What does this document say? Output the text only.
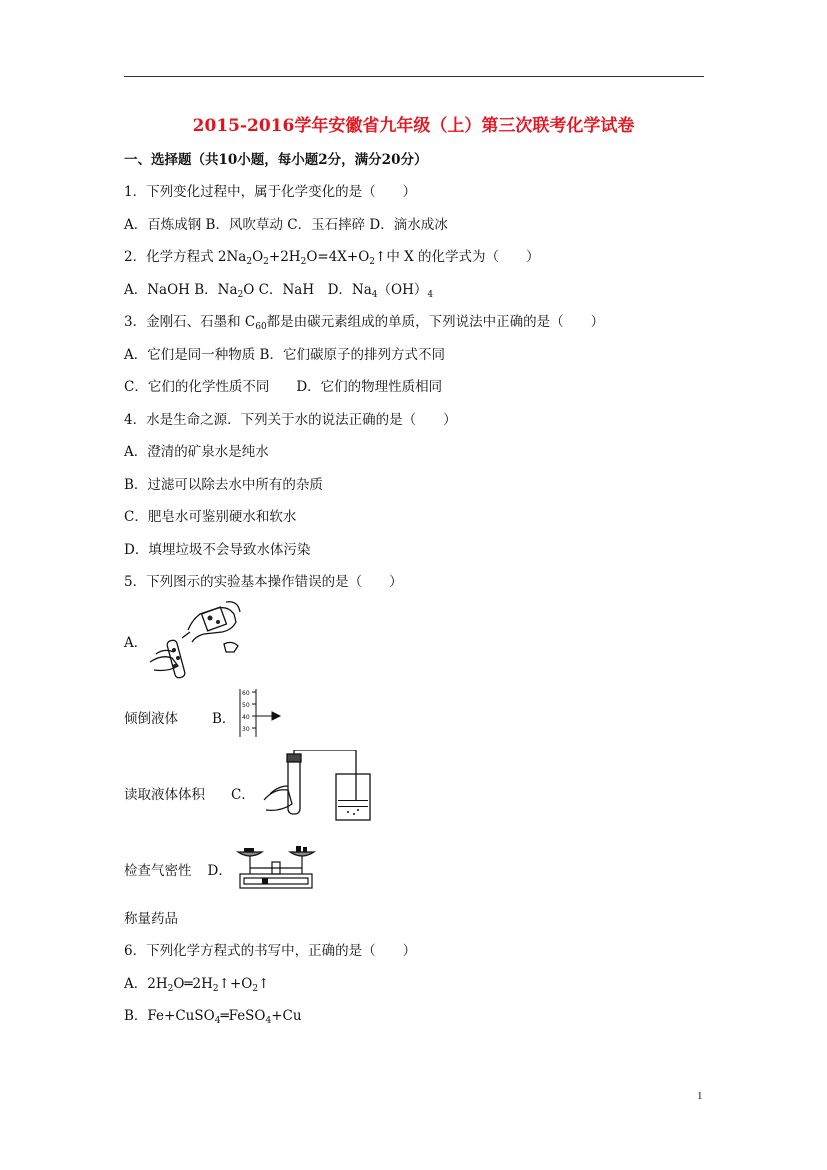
2015-2016学年安徽省九年级（上）第三次联考化学试卷
一、选择题（共10小题，每小题2分，满分20分）
1．下列变化过程中，属于化学变化的是（　　）
A．百炼成钢 B．风吹草动 C．玉石摔碎 D．滴水成冰
2．化学方程式 $2Na_2O_2+2H_2O=4X+O_2↑$中 X 的化学式为（　　）
A．NaOH B．$Na_2O$ C．NaH　D．$Na_4(OH)_4$
3．金刚石、石墨和 $C_{60}$都是由碳元素组成的单质，下列说法中正确的是（　　）
A．它们是同一种物质 B．它们碳原子的排列方式不同
C．它们的化学性质不同　　D．它们的物理性质相同
4．水是生命之源．下列关于水的说法正确的是（　　）
A．澄清的矿泉水是纯水
B．过滤可以除去水中所有的杂质
C．肥皂水可鉴别硬水和软水
D．填埋垃圾不会导致水体污染
5．下列图示的实验基本操作错误的是（　　）
A．
倾倒液体	B．
60
50
40
30
读取液体体积 C．
检查气密性 D．
称量药品
6．下列化学方程式的书写中，正确的是（　　）
A．$2H_2O═2H_2↑+O_2↑$
B．Fe+CuSO$_4$═FeSO$_4$+Cu
1
